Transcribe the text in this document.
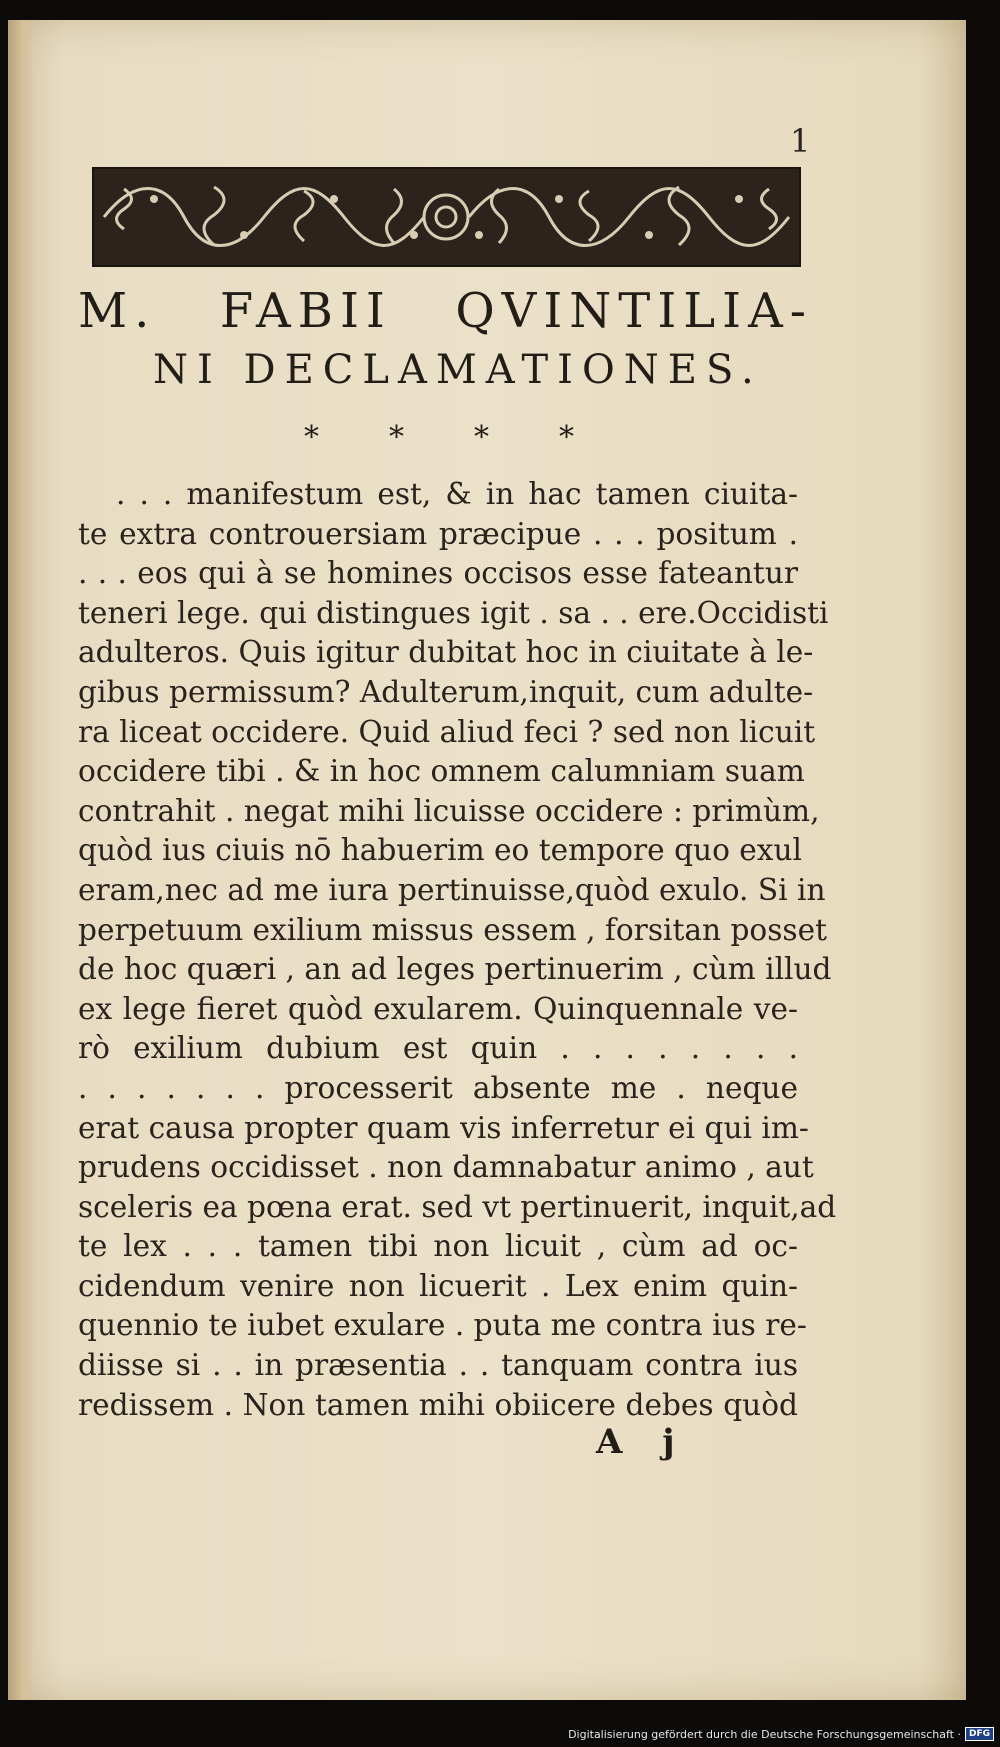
1
M. FABII QVINTILIA-
NI DECLAMATIONES.
* * * *
. . . manifestum est, & in hac tamen ciuita-
te extra controuersiam præcipue . . . positum .
. . . eos qui à se homines occisos esse fateantur
teneri lege. qui distingues igit . sa . . ere.Occidisti
adulteros. Quis igitur dubitat hoc in ciuitate à le-
gibus permissum? Adulterum,inquit, cum adulte-
ra liceat occidere. Quid aliud feci ? sed non licuit
occidere tibi . & in hoc omnem calumniam suam
contrahit . negat mihi licuisse occidere : primùm,
quòd ius ciuis nō habuerim eo tempore quo exul
eram,nec ad me iura pertinuisse,quòd exulo. Si in
perpetuum exilium missus essem , forsitan posset
de hoc quæri , an ad leges pertinuerim , cùm illud
ex lege fieret quòd exularem. Quinquennale ve-
rò exilium dubium est quin . . . . . . . .
. . . . . . . processerit absente me . neque
erat causa propter quam vis inferretur ei qui im-
prudens occidisset . non damnabatur animo , aut
sceleris ea pœna erat. sed vt pertinuerit, inquit,ad
te lex . . . tamen tibi non licuit , cùm ad oc-
cidendum venire non licuerit . Lex enim quin-
quennio te iubet exulare . puta me contra ius re-
diisse si . . in præsentia . . tanquam contra ius
redissem . Non tamen mihi obiicere debes quòd
A j
Digitalisierung gefördert durch die Deutsche Forschungsgemeinschaft · DFG
